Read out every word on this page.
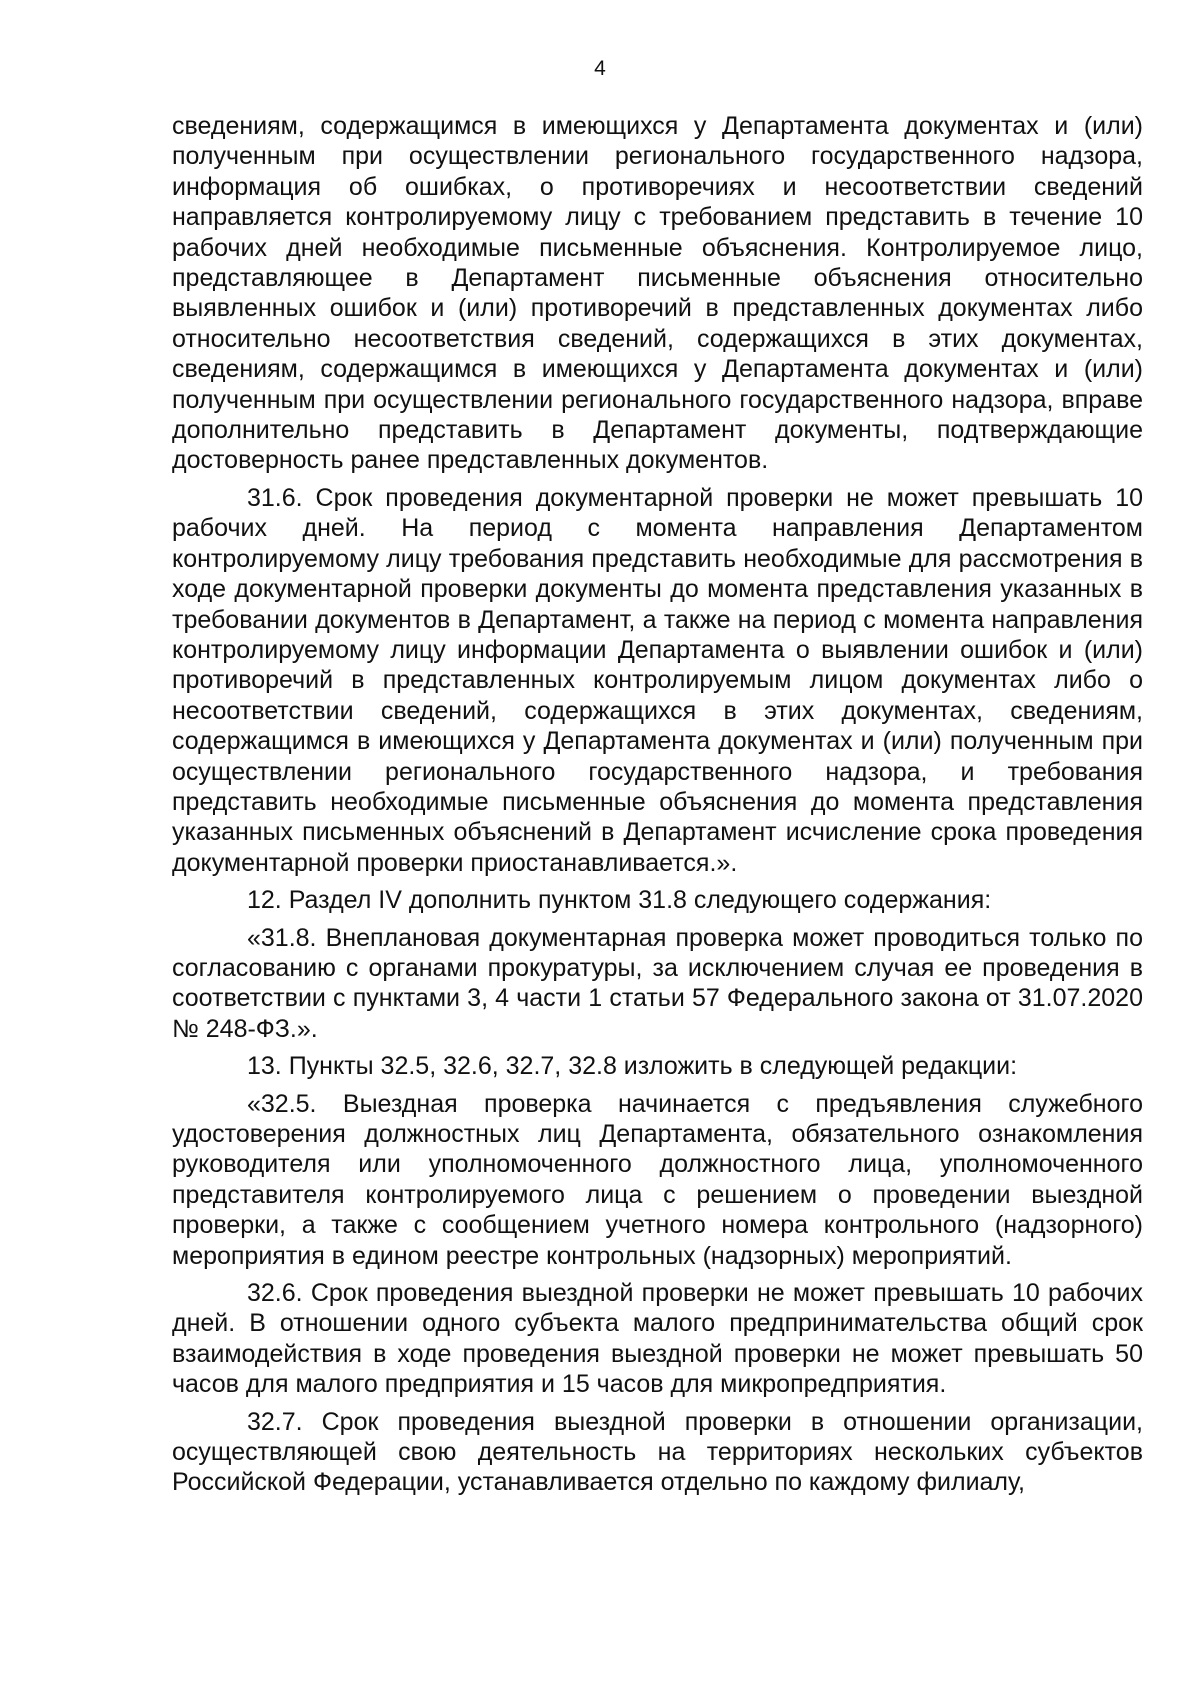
4

сведениям, содержащимся в имеющихся у Департамента документах и (или) полученным при осуществлении регионального государственного надзора, информация об ошибках, о противоречиях и несоответствии сведений направляется контролируемому лицу с требованием представить в течение 10 рабочих дней необходимые письменные объяснения. Контролируемое лицо, представляющее в Департамент письменные объяснения относительно выявленных ошибок и (или) противоречий в представленных документах либо относительно несоответствия сведений, содержащихся в этих документах, сведениям, содержащимся в имеющихся у Департамента документах и (или) полученным при осуществлении регионального государственного надзора, вправе дополнительно представить в Департамент документы, подтверждающие достоверность ранее представленных документов.

31.6. Срок проведения документарной проверки не может превышать 10 рабочих дней. На период с момента направления Департаментом контролируемому лицу требования представить необходимые для рассмотрения в ходе документарной проверки документы до момента представления указанных в требовании документов в Департамент, а также на период с момента направления контролируемому лицу информации Департамента о выявлении ошибок и (или) противоречий в представленных контролируемым лицом документах либо о несоответствии сведений, содержащихся в этих документах, сведениям, содержащимся в имеющихся у Департамента документах и (или) полученным при осуществлении регионального государственного надзора, и требования представить необходимые письменные объяснения до момента представления указанных письменных объяснений в Департамент исчисление срока проведения документарной проверки приостанавливается.».

12. Раздел IV дополнить пунктом 31.8 следующего содержания:

«31.8. Внеплановая документарная проверка может проводиться только по согласованию с органами прокуратуры, за исключением случая ее проведения в соответствии с пунктами 3, 4 части 1 статьи 57 Федерального закона от 31.07.2020 № 248-ФЗ.».

13. Пункты 32.5, 32.6, 32.7, 32.8 изложить в следующей редакции:

«32.5. Выездная проверка начинается с предъявления служебного удостоверения должностных лиц Департамента, обязательного ознакомления руководителя или уполномоченного должностного лица, уполномоченного представителя контролируемого лица с решением о проведении выездной проверки, а также с сообщением учетного номера контрольного (надзорного) мероприятия в едином реестре контрольных (надзорных) мероприятий.

32.6. Срок проведения выездной проверки не может превышать 10 рабочих дней. В отношении одного субъекта малого предпринимательства общий срок взаимодействия в ходе проведения выездной проверки не может превышать 50 часов для малого предприятия и 15 часов для микропредприятия.

32.7. Срок проведения выездной проверки в отношении организации, осуществляющей свою деятельность на территориях нескольких субъектов Российской Федерации, устанавливается отдельно по каждому филиалу,
